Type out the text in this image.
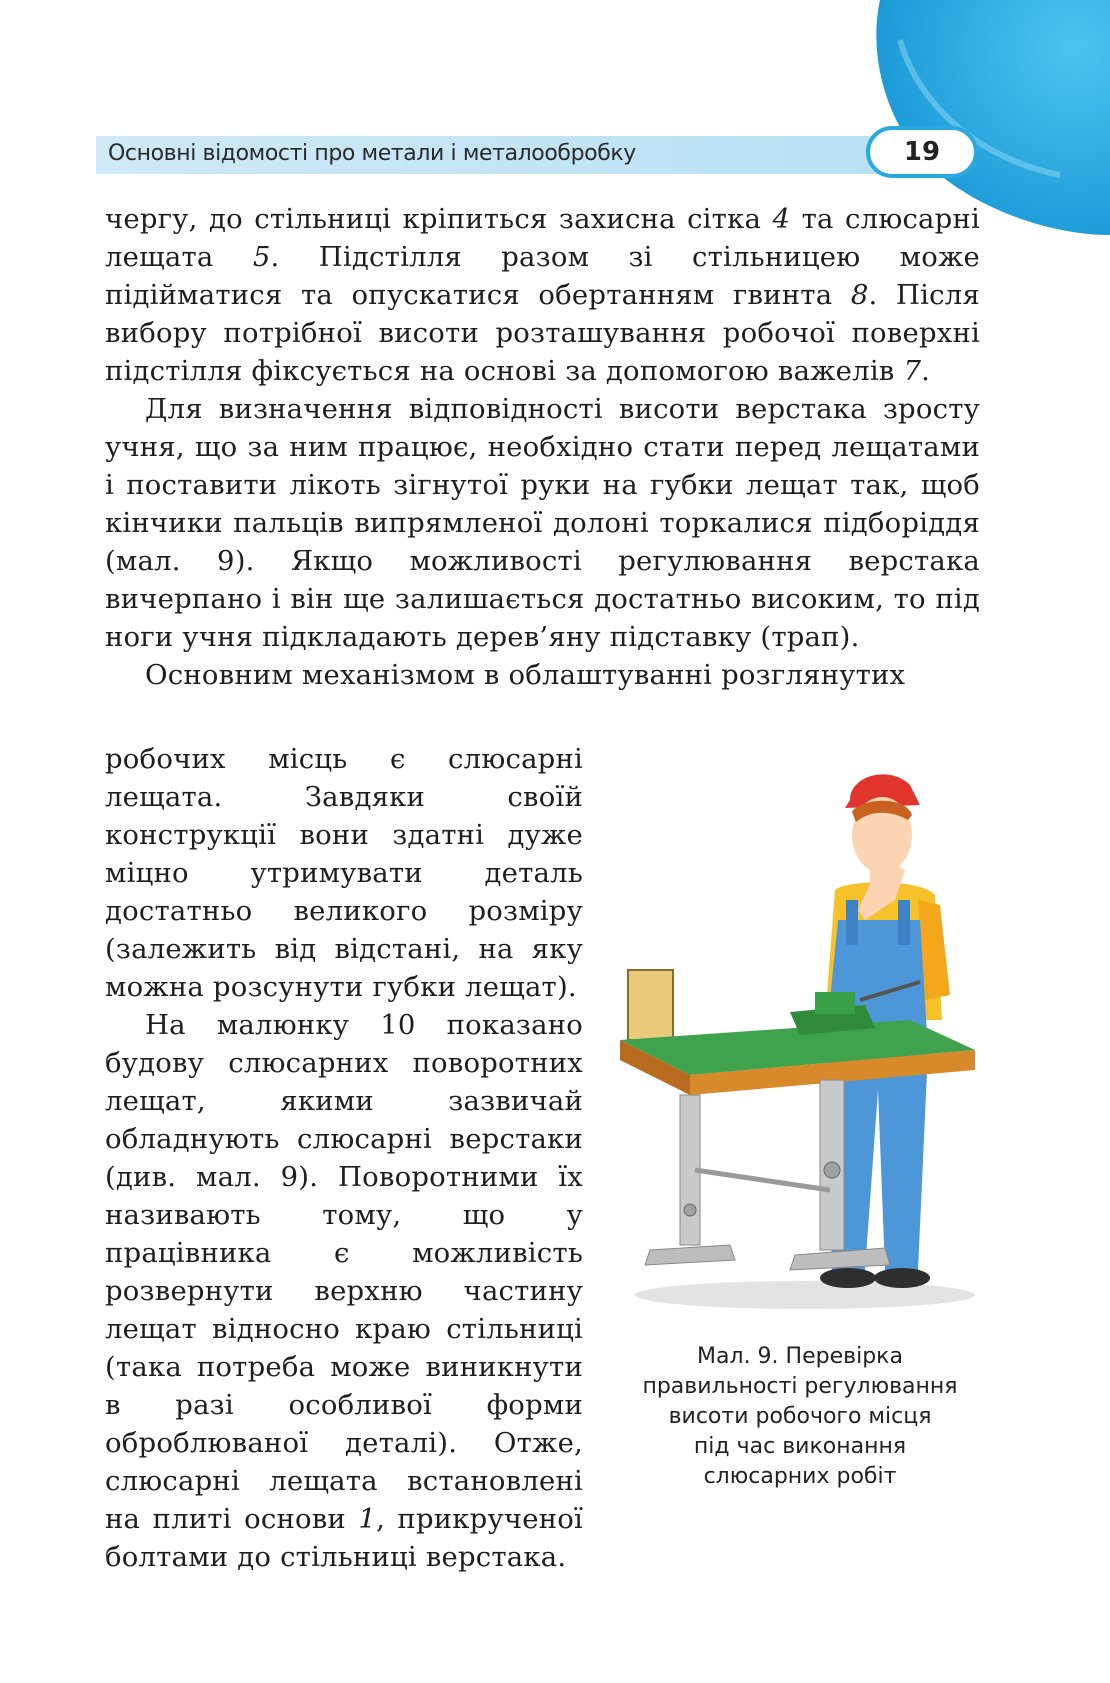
Основні відомості про метали і металообробку	19

чергу, до стільниці кріпиться захисна сітка 4 та слюсарні лещата 5. Підстілля разом зі стільницею може підійматися та опускатися обертанням гвинта 8. Після вибору потрібної висоти розташування робочої поверхні підстілля фіксується на основі за допомогою важелів 7.

Для визначення відповідності висоти верстака зросту учня, що за ним працює, необхідно стати перед лещатами і поставити лікоть зігнутої руки на губки лещат так, щоб кінчики пальців випрямленої долоні торкалися підборіддя (мал. 9). Якщо можливості регулювання верстака вичерпано і він ще залишається достатньо високим, то під ноги учня підкладають дерев’яну підставку (трап).

Основним механізмом в облаштуванні розглянутих

робочих місць є слюсарні лещата. Завдяки своїй конструкції вони здатні дуже міцно утримувати деталь достатньо великого розміру (залежить від відстані, на яку можна розсунути губки лещат).

На малюнку 10 показано будову слюсарних поворотних лещат, якими зазвичай обладнують слюсарні верстаки (див. мал. 9). Поворотними їх називають тому, що у працівника є можливість розвернути верхню частину лещат відносно краю стільниці (така потреба може виникнути в разі особливої форми оброблюваної деталі). Отже, слюсарні лещата встановлені на плиті основи 1, прикрученої болтами до стільниці верстака.

Мал. 9. Перевірка
правильності регулювання
висоти робочого місця
під час виконання
слюсарних робіт
